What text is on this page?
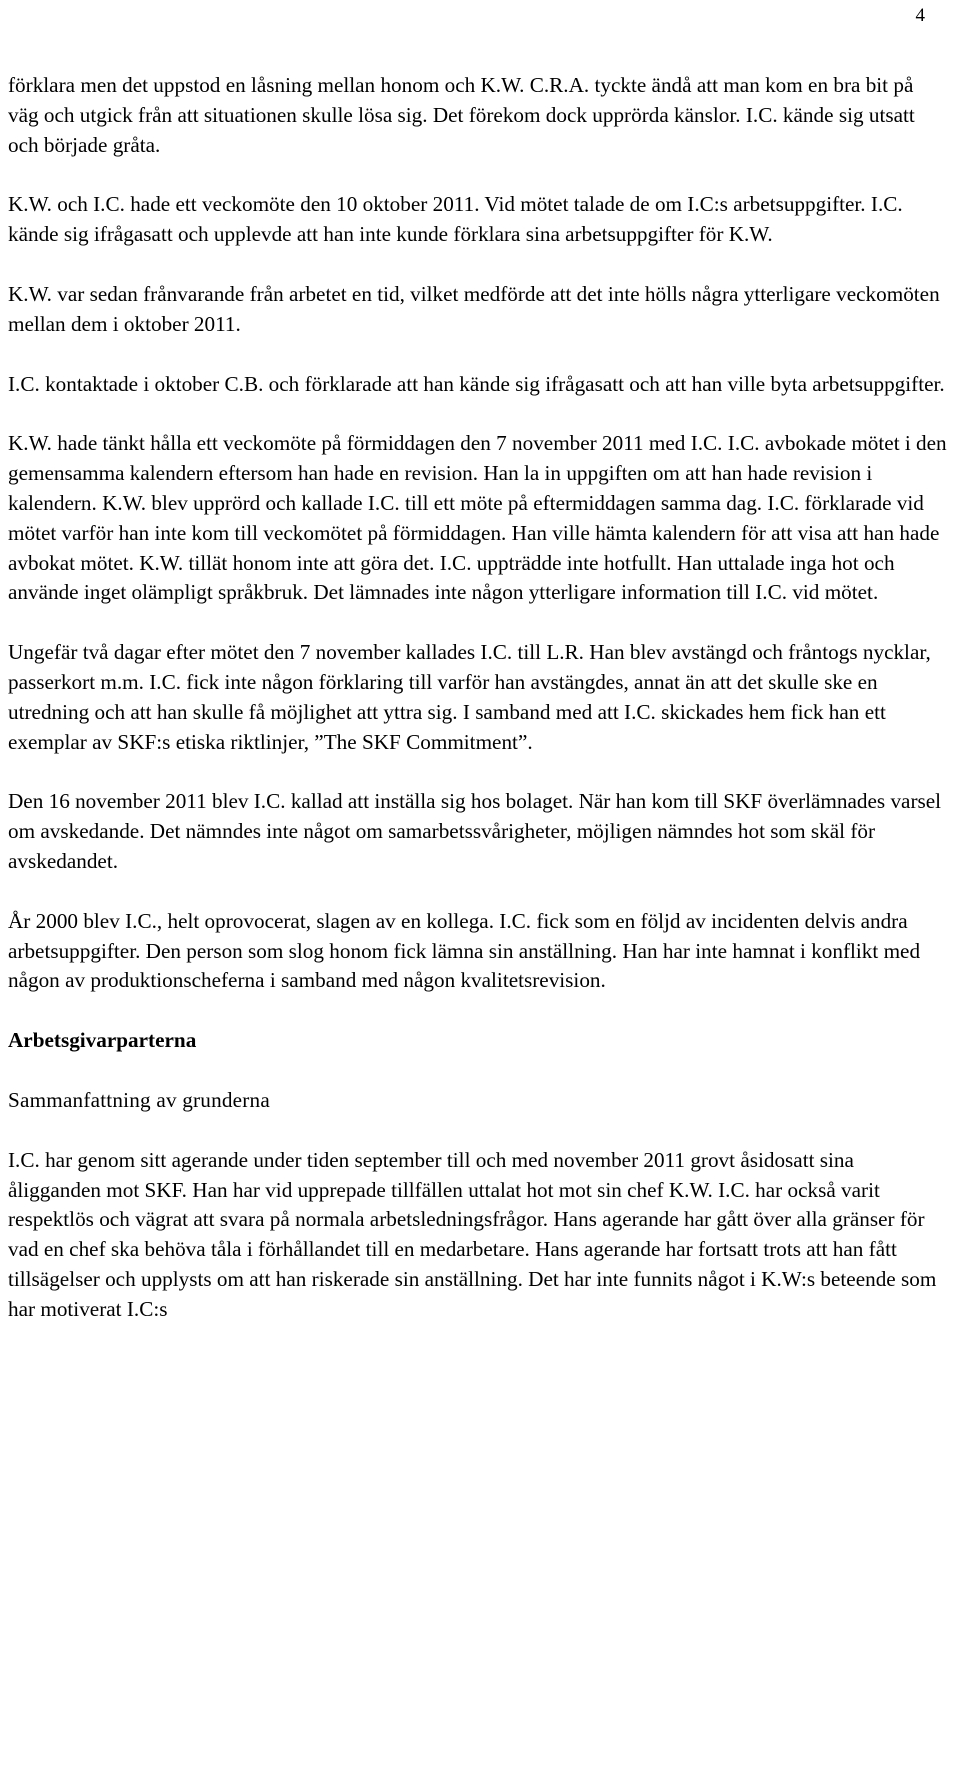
4

förklara men det uppstod en låsning mellan honom och K.W. C.R.A. tyckte ändå att man kom en bra bit på väg och utgick från att situationen skulle lösa sig. Det förekom dock upprörda känslor. I.C. kände sig utsatt och började gråta.

K.W. och I.C. hade ett veckomöte den 10 oktober 2011. Vid mötet talade de om I.C:s arbetsuppgifter. I.C. kände sig ifrågasatt och upplevde att han inte kunde förklara sina arbetsuppgifter för K.W.

K.W. var sedan frånvarande från arbetet en tid, vilket medförde att det inte hölls några ytterligare veckomöten mellan dem i oktober 2011.

I.C. kontaktade i oktober C.B. och förklarade att han kände sig ifrågasatt och att han ville byta arbetsuppgifter.

K.W. hade tänkt hålla ett veckomöte på förmiddagen den 7 november 2011 med I.C. I.C. avbokade mötet i den gemensamma kalendern eftersom han hade en revision. Han la in uppgiften om att han hade revision i kalendern. K.W. blev upprörd och kallade I.C. till ett möte på eftermiddagen samma dag. I.C. förklarade vid mötet varför han inte kom till veckomötet på förmiddagen. Han ville hämta kalendern för att visa att han hade avbokat mötet. K.W. tillät honom inte att göra det. I.C. uppträdde inte hotfullt. Han uttalade inga hot och använde inget olämpligt språkbruk. Det lämnades inte någon ytterligare information till I.C. vid mötet.

Ungefär två dagar efter mötet den 7 november kallades I.C. till L.R. Han blev avstängd och fråntogs nycklar, passerkort m.m. I.C. fick inte någon förklaring till varför han avstängdes, annat än att det skulle ske en utredning och att han skulle få möjlighet att yttra sig. I samband med att I.C. skickades hem fick han ett exemplar av SKF:s etiska riktlinjer, ”The SKF Commitment”.

Den 16 november 2011 blev I.C. kallad att inställa sig hos bolaget. När han kom till SKF överlämnades varsel om avskedande. Det nämndes inte något om samarbetssvårigheter, möjligen nämndes hot som skäl för avskedandet.

År 2000 blev I.C., helt oprovocerat, slagen av en kollega. I.C. fick som en följd av incidenten delvis andra arbetsuppgifter. Den person som slog honom fick lämna sin anställning. Han har inte hamnat i konflikt med någon av produktionscheferna i samband med någon kvalitetsrevision.

Arbetsgivarparterna
Sammanfattning av grunderna

I.C. har genom sitt agerande under tiden september till och med november 2011 grovt åsidosatt sina åligganden mot SKF. Han har vid upprepade tillfällen uttalat hot mot sin chef K.W. I.C. har också varit respektlös och vägrat att svara på normala arbetsledningsfrågor. Hans agerande har gått över alla gränser för vad en chef ska behöva tåla i förhållandet till en medarbetare. Hans agerande har fortsatt trots att han fått tillsägelser och upplysts om att han riskerade sin anställning. Det har inte funnits något i K.W:s beteende som har motiverat I.C:s
